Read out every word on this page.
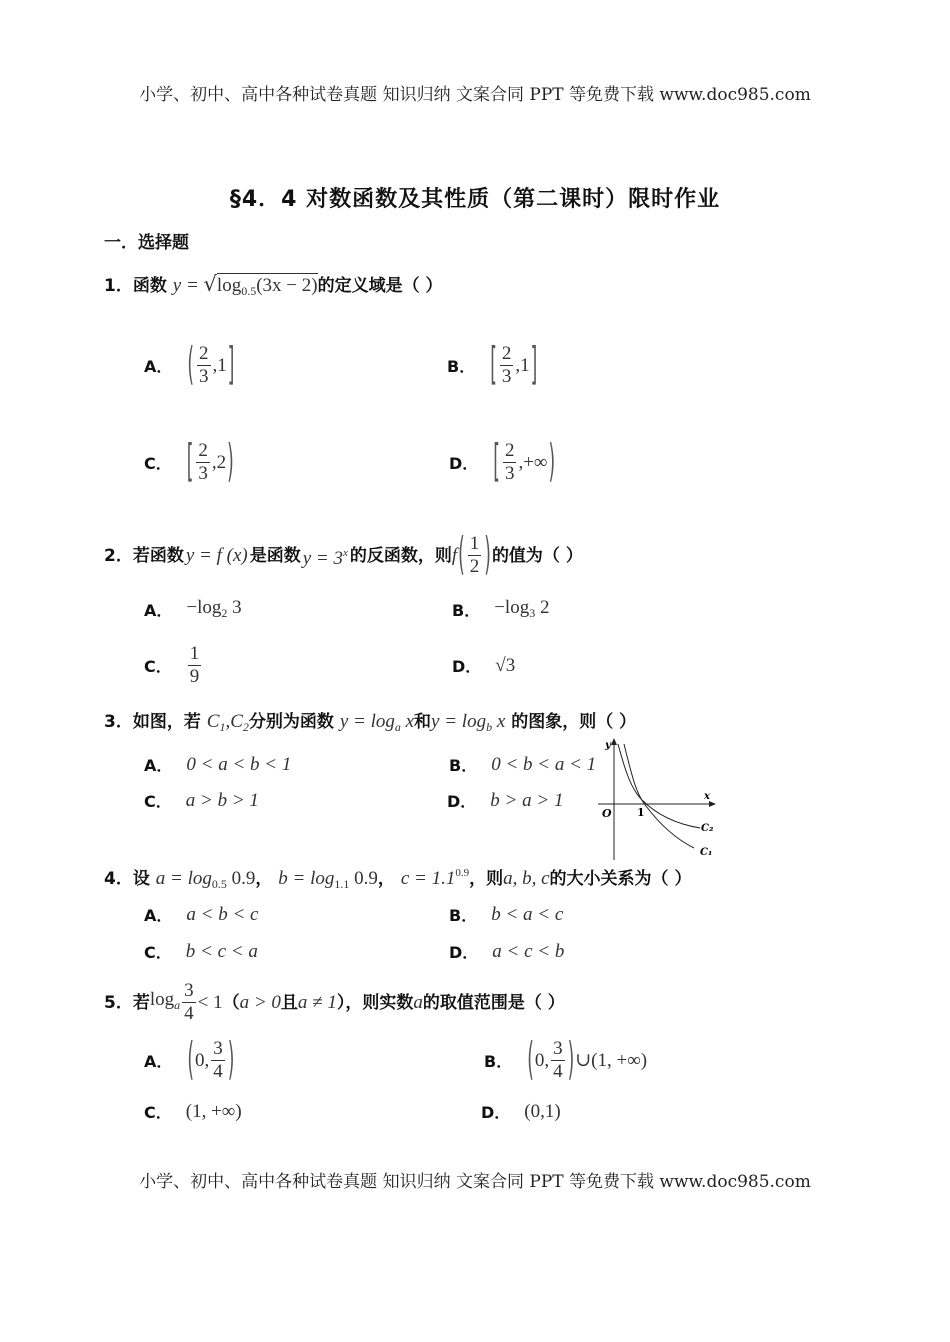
小学、初中、高中各种试卷真题 知识归纳 文案合同 PPT 等免费下载 www.doc985.com
§4．4 对数函数及其性质（第二课时）限时作业
一．选择题
1．函数 $y = √\log_{0.5}(3x - 2)$的定义域是（ ）
A． ( $\frac{2}{3} ,1$ ]	B． [ $\frac{2}{3} ,1$ ]
C． [ $\frac{2}{3} ,2$ )	D． [ $\frac{2}{3}$ ,+∞ )
2． 若函数 y = f (x) 是函数 $y = 3^x$ 的反函数，则 f ( $\frac{1}{2}$ ) 的值为（ ）
A． $-\log_2$ 3	B． $-\log_3$ 2
C． $\frac{1}{9}$	D． √3
3．如图，若 $C_1,C_2$分别为函数 $y = \log_a x$和$y = \log_b x$ 的图象，则（ ）
A． 0 < a < b < 1	B． 0 < b < a < 1
C． a > b > 1	D． b > a > 1
y
x
O 1
C₂
C₁
4．设 $a = \log_{0.5} 0.9$， $b = \log_{1.1} 0.9$， $c = 1.1^{0.9}$，则a, b, c的大小关系为（ ）
A． a < b < c	B． b < a < c
C． b < c < a	D． a < c < b
5． 若 $\log_a \frac{3}{4} < 1$ （ a > 0 且 a ≠ 1 ），则实数 a 的取值范围是（ ）
A． ( 0, $\frac{3}{4}$ )	B． ( 0, $\frac{3}{4}$ ) ∪(1, +∞)
C． (1, +∞)	D． (0,1)
小学、初中、高中各种试卷真题 知识归纳 文案合同 PPT 等免费下载 www.doc985.com
